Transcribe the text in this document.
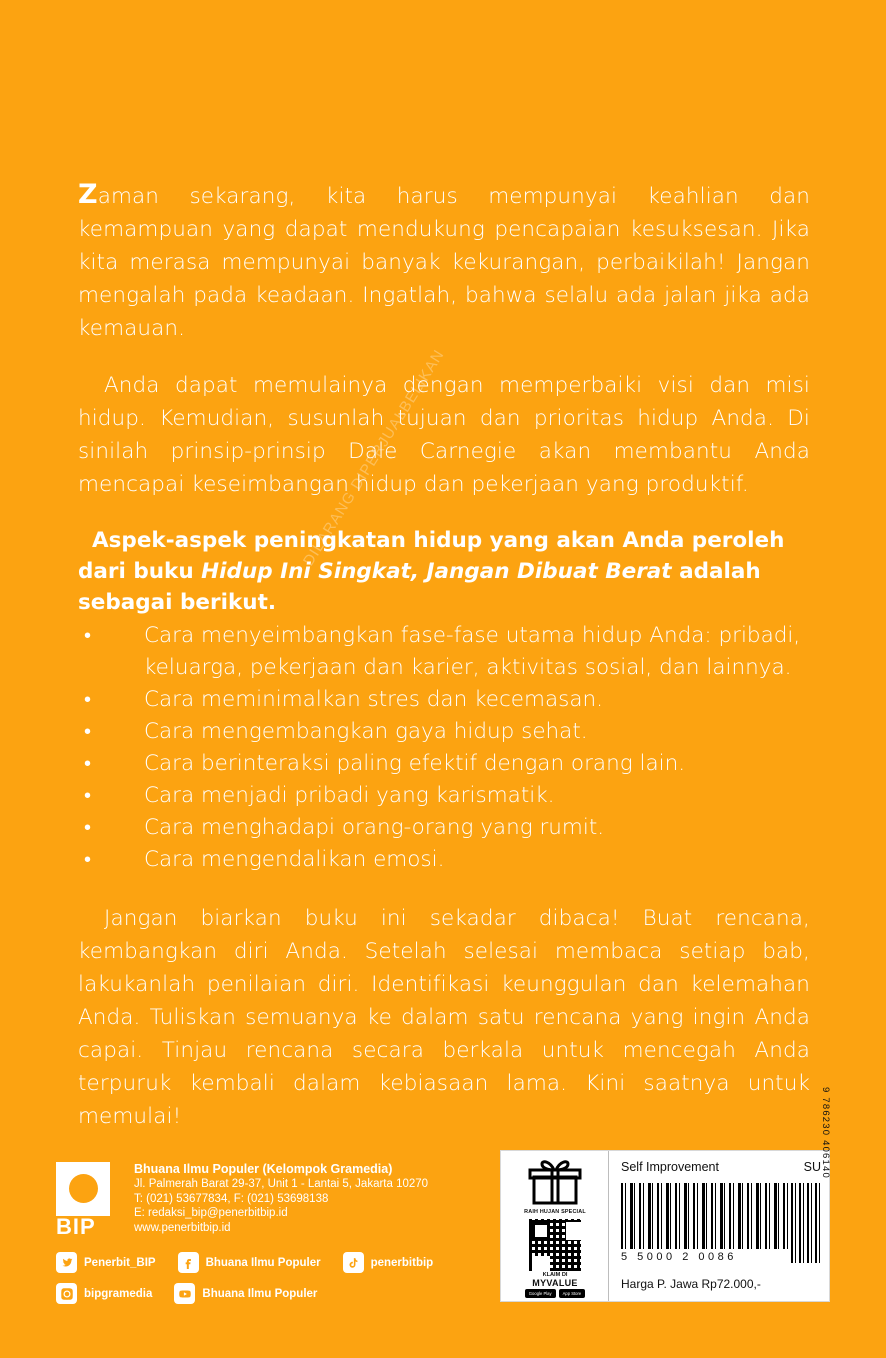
DILARANG DIPERJUALBELIKAN

Zaman sekarang, kita harus mempunyai keahlian dan kemampuan yang dapat mendukung pencapaian kesuksesan. Jika kita merasa mempunyai banyak kekurangan, perbaikilah! Jangan mengalah pada keadaan. Ingatlah, bahwa selalu ada jalan jika ada kemauan.

Anda dapat memulainya dengan memperbaiki visi dan misi hidup. Kemudian, susunlah tujuan dan prioritas hidup Anda. Di sinilah prinsip-prinsip Dale Carnegie akan membantu Anda mencapai keseimbangan hidup dan pekerjaan yang produktif.

Aspek-aspek peningkatan hidup yang akan Anda peroleh dari buku Hidup Ini Singkat, Jangan Dibuat Berat adalah sebagai berikut.

• Cara menyeimbangkan fase-fase utama hidup Anda: pribadi, keluarga, pekerjaan dan karier, aktivitas sosial, dan lainnya.
• Cara meminimalkan stres dan kecemasan.
• Cara mengembangkan gaya hidup sehat.
• Cara berinteraksi paling efektif dengan orang lain.
• Cara menjadi pribadi yang karismatik.
• Cara menghadapi orang-orang yang rumit.
• Cara mengendalikan emosi.

Jangan biarkan buku ini sekadar dibaca! Buat rencana, kembangkan diri Anda. Setelah selesai membaca setiap bab, lakukanlah penilaian diri. Identifikasi keunggulan dan kelemahan Anda. Tuliskan semuanya ke dalam satu rencana yang ingin Anda capai. Tinjau rencana secara berkala untuk mencegah Anda terpuruk kembali dalam kebiasaan lama. Kini saatnya untuk memulai!

BIP
Bhuana Ilmu Populer (Kelompok Gramedia)
Jl. Palmerah Barat 29-37, Unit 1 - Lantai 5, Jakarta 10270
T: (021) 53677834, F: (021) 53698138
E: redaksi_bip@penerbitbip.id
www.penerbitbip.id
Penerbit_BIP	Bhuana Ilmu Populer	penerbitbip
bipgramedia	Bhuana Ilmu Populer
RAIH HUJAN SPECIAL
KLAIM DI
MYVALUE
Google Play	App Store
Self Improvement	SU
5 5000 2 0086
9 786230 406140
Harga P. Jawa Rp72.000,-
